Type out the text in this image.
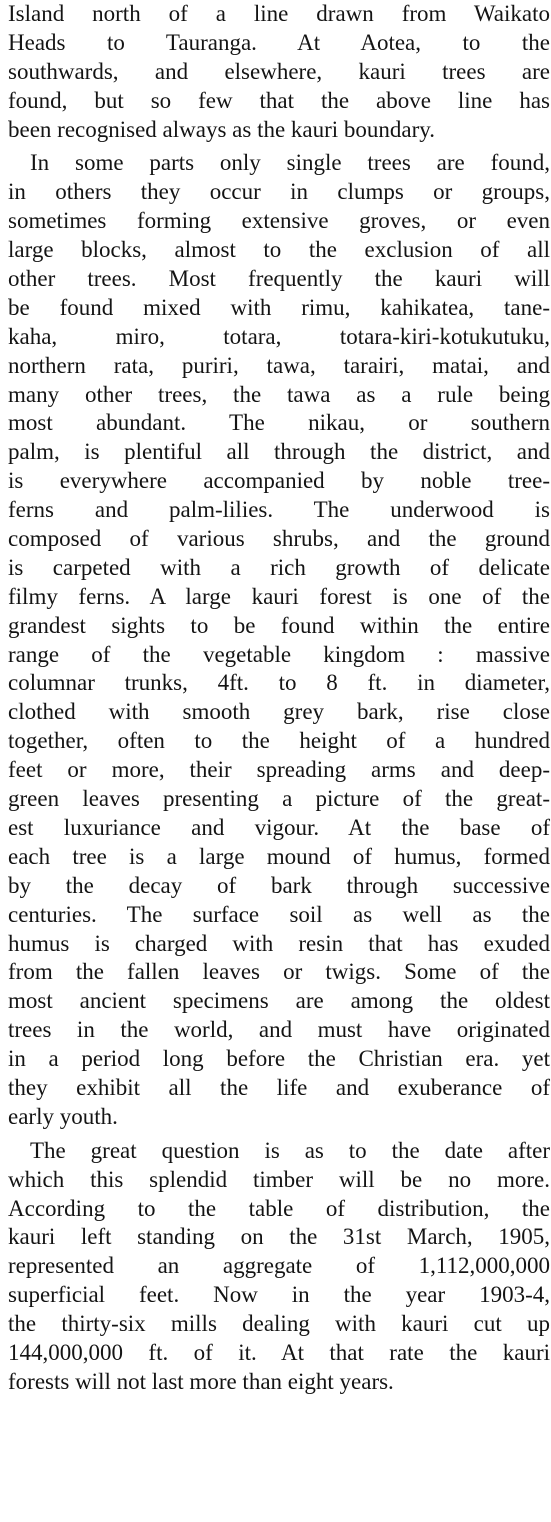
Island north of a line drawn from Waikato
Heads to Tauranga. At Aotea, to the
southwards, and elsewhere, kauri trees are
found, but so few that the above line has
been recognised always as the kauri boundary.

In some parts only single trees are found,
in others they occur in clumps or groups,
sometimes forming extensive groves, or even
large blocks, almost to the exclusion of all
other trees. Most frequently the kauri will
be found mixed with rimu, kahikatea, tane-
kaha, miro, totara, totara-kiri-kotukutuku,
northern rata, puriri, tawa, tarairi, matai, and
many other trees, the tawa as a rule being
most abundant. The nikau, or southern
palm, is plentiful all through the district, and
is everywhere accompanied by noble tree-
ferns and palm-lilies. The underwood is
composed of various shrubs, and the ground
is carpeted with a rich growth of delicate
filmy ferns. A large kauri forest is one of the
grandest sights to be found within the entire
range of the vegetable kingdom : massive
columnar trunks, 4ft. to 8 ft. in diameter,
clothed with smooth grey bark, rise close
together, often to the height of a hundred
feet or more, their spreading arms and deep-
green leaves presenting a picture of the great-
est luxuriance and vigour. At the base of
each tree is a large mound of humus, formed
by the decay of bark through successive
centuries. The surface soil as well as the
humus is charged with resin that has exuded
from the fallen leaves or twigs. Some of the
most ancient specimens are among the oldest
trees in the world, and must have originated
in a period long before the Christian era. yet
they exhibit all the life and exuberance of
early youth.

The great question is as to the date after
which this splendid timber will be no more.
According to the table of distribution, the
kauri left standing on the 31st March, 1905,
represented an aggregate of 1,112,000,000
superficial feet. Now in the year 1903-4,
the thirty-six mills dealing with kauri cut up
144,000,000 ft. of it. At that rate the kauri
forests will not last more than eight years.
